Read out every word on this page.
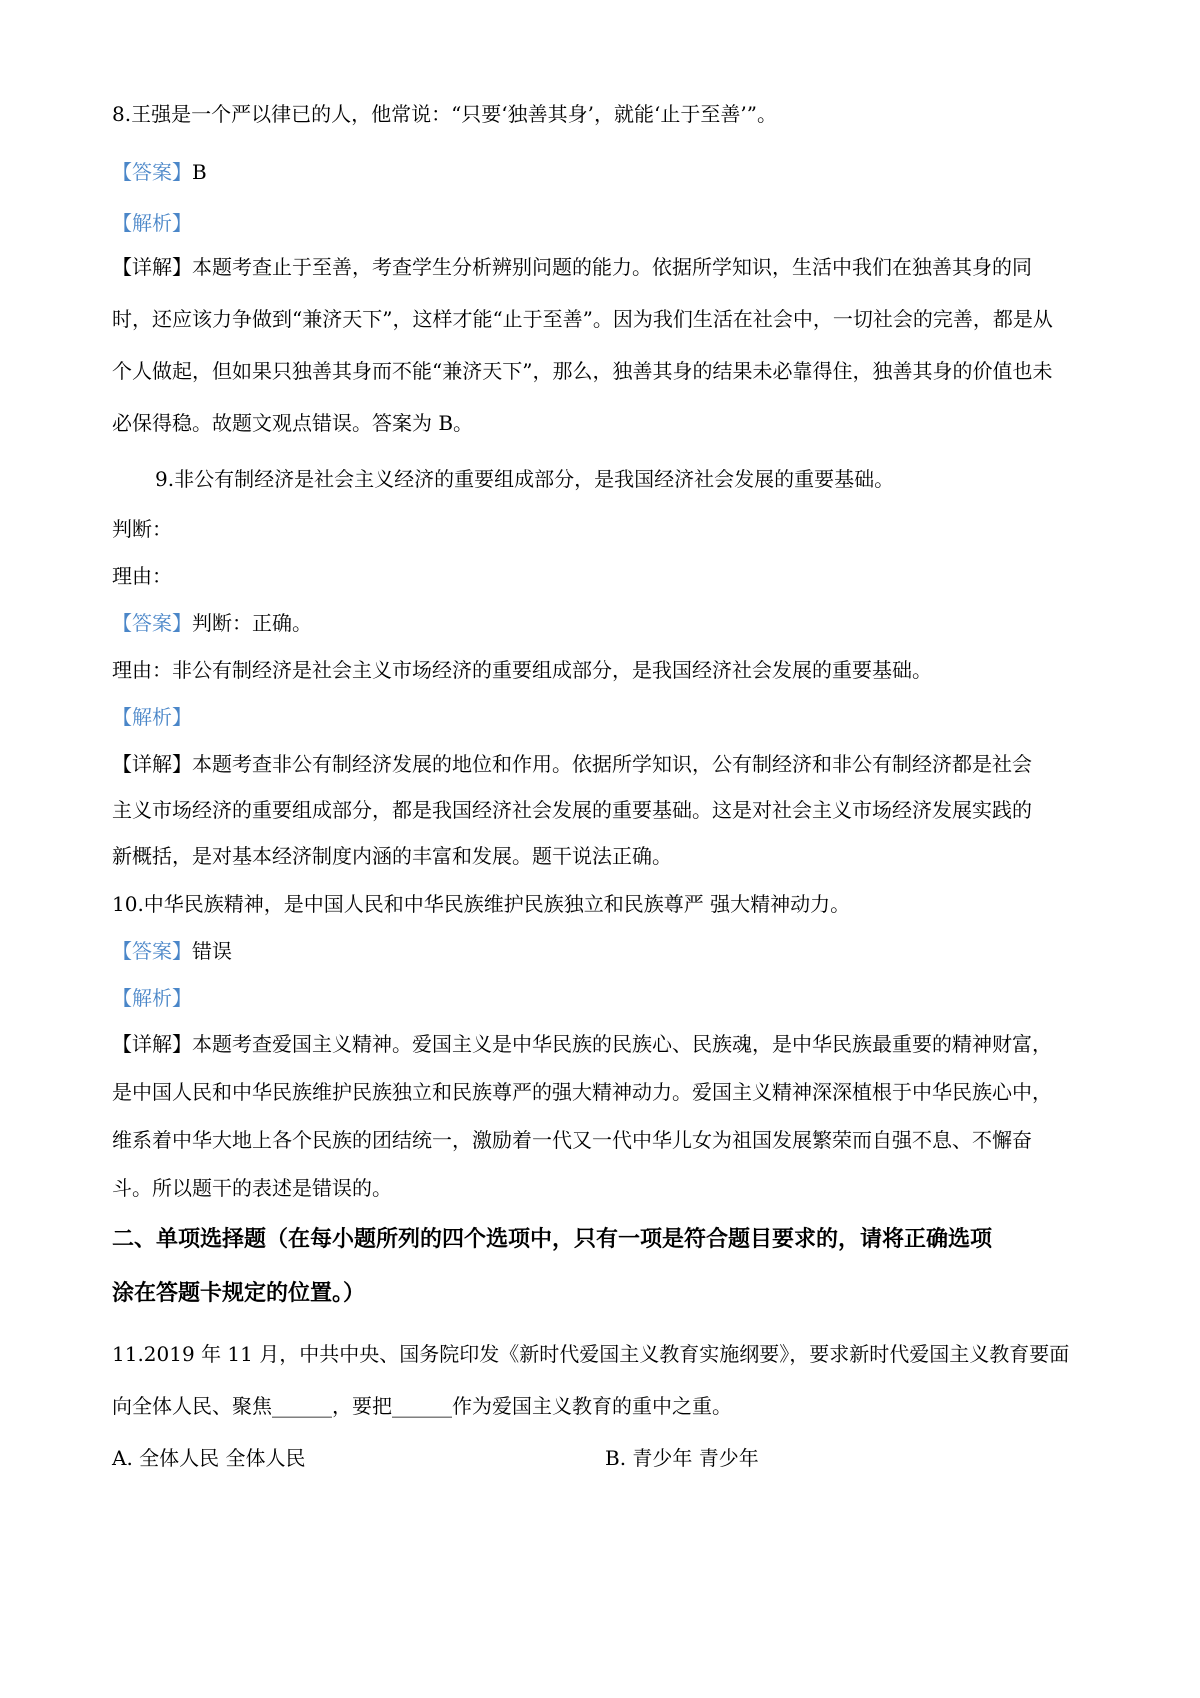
8.王强是一个严以律已的人，他常说：“只要‘独善其身’，就能‘止于至善’”。
【答案】B
【解析】
【详解】本题考查止于至善，考查学生分析辨别问题的能力。依据所学知识，生活中我们在独善其身的同
时，还应该力争做到“兼济天下”，这样才能“止于至善”。因为我们生活在社会中，一切社会的完善，都是从
个人做起，但如果只独善其身而不能“兼济天下”，那么，独善其身的结果未必靠得住，独善其身的价值也未
必保得稳。故题文观点错误。答案为 B。
9.非公有制经济是社会主义经济的重要组成部分，是我国经济社会发展的重要基础。
判断：
理由：
【答案】判断：正确。
理由：非公有制经济是社会主义市场经济的重要组成部分，是我国经济社会发展的重要基础。
【解析】
【详解】本题考查非公有制经济发展的地位和作用。依据所学知识，公有制经济和非公有制经济都是社会
主义市场经济的重要组成部分，都是我国经济社会发展的重要基础。这是对社会主义市场经济发展实践的
新概括，是对基本经济制度内涵的丰富和发展。题干说法正确。
10.中华民族精神，是中国人民和中华民族维护民族独立和民族尊严 强大精神动力。
【答案】错误
【解析】
【详解】本题考查爱国主义精神。爱国主义是中华民族的民族心、民族魂，是中华民族最重要的精神财富，
是中国人民和中华民族维护民族独立和民族尊严的强大精神动力。爱国主义精神深深植根于中华民族心中，
维系着中华大地上各个民族的团结统一，激励着一代又一代中华儿女为祖国发展繁荣而自强不息、不懈奋
斗。所以题干的表述是错误的。
二、单项选择题（在每小题所列的四个选项中，只有一项是符合题目要求的，请将正确选项
涂在答题卡规定的位置。）
11.2019 年 11 月，中共中央、国务院印发《新时代爱国主义教育实施纲要》，要求新时代爱国主义教育要面
向全体人民、聚焦______，要把______作为爱国主义教育的重中之重。
A. 全体人民 全体人民	B. 青少年 青少年
